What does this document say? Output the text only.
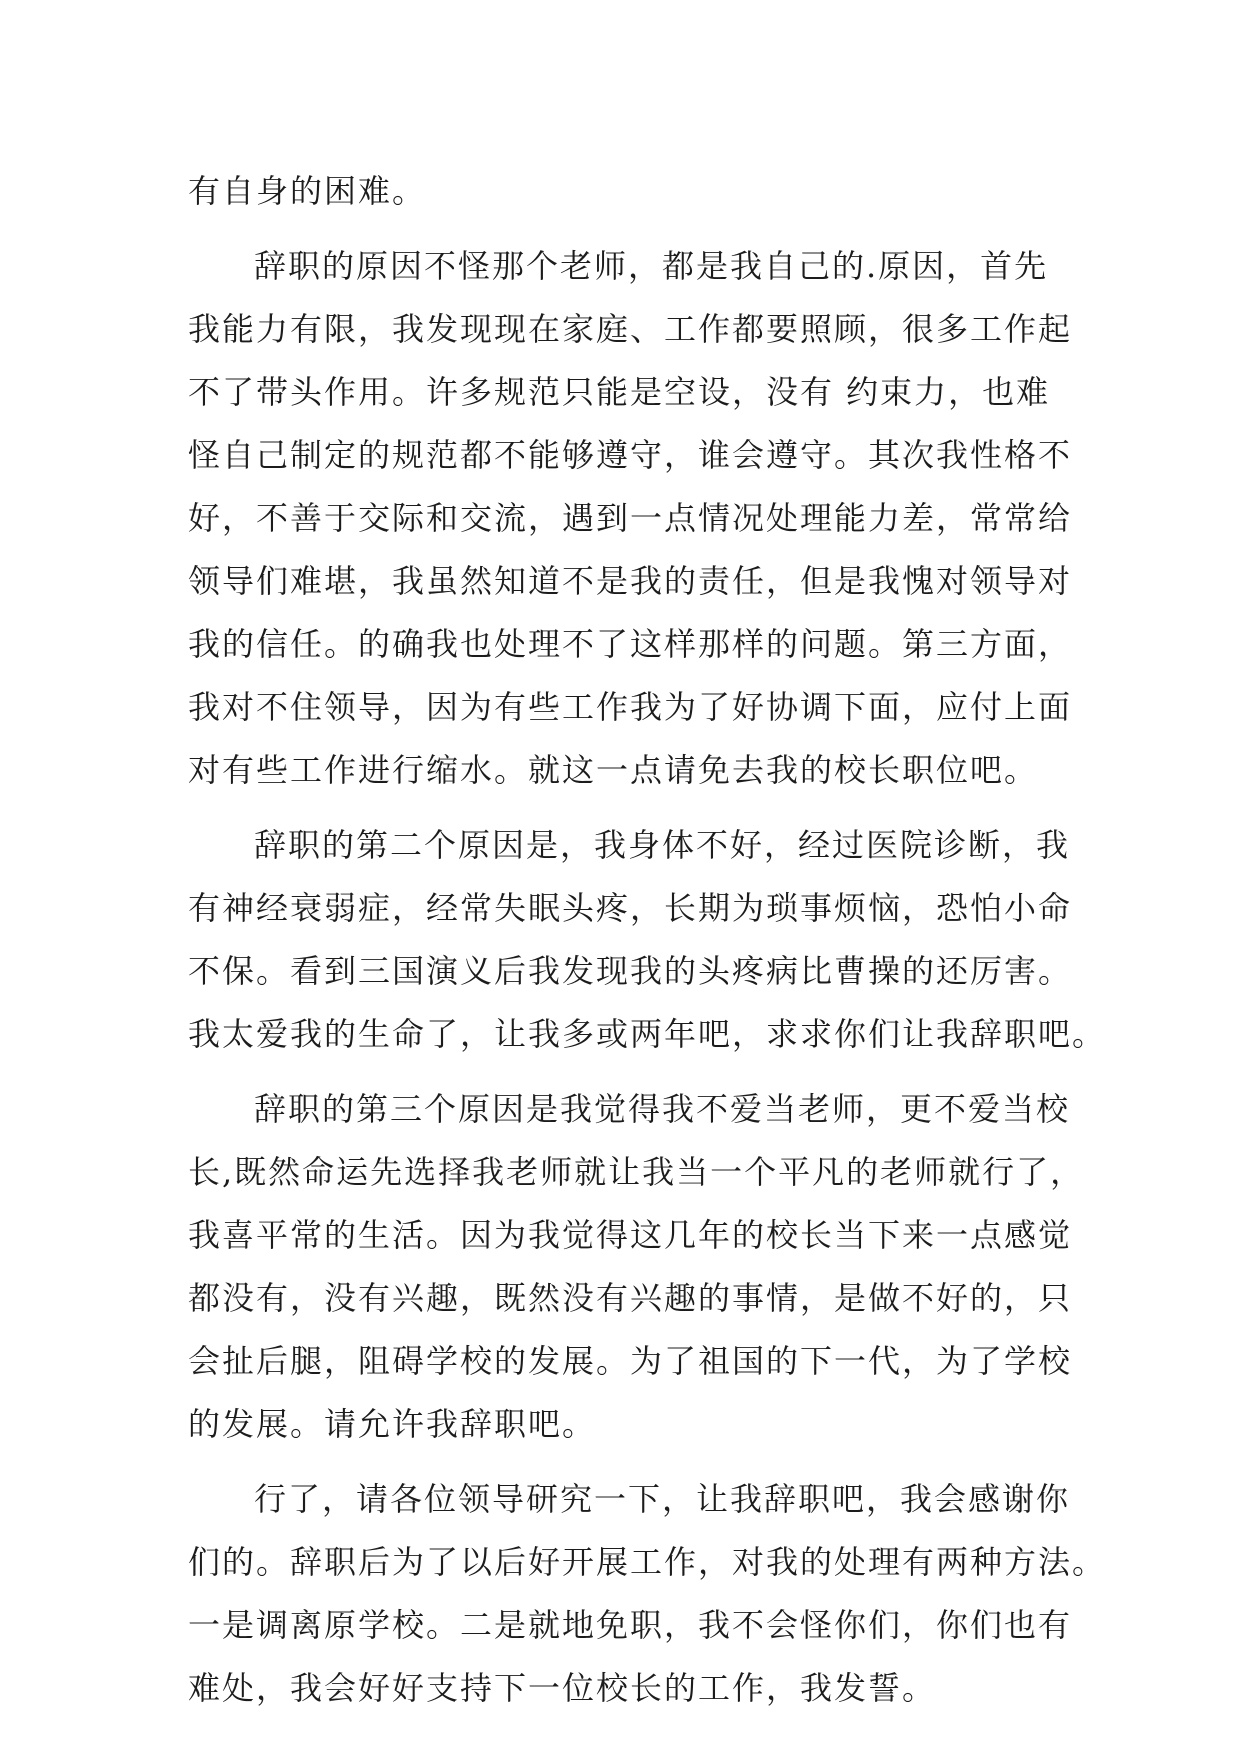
有自身的困难。
辞职的原因不怪那个老师，都是我自己的.原因，首先
我能力有限，我发现现在家庭、工作都要照顾，很多工作起
不了带头作用。许多规范只能是空设，没有 约束力，也难
怪自己制定的规范都不能够遵守，谁会遵守。其次我性格不
好，不善于交际和交流，遇到一点情况处理能力差，常常给
领导们难堪，我虽然知道不是我的责任，但是我愧对领导对
我的信任。的确我也处理不了这样那样的问题。第三方面，
我对不住领导，因为有些工作我为了好协调下面，应付上面
对有些工作进行缩水。就这一点请免去我的校长职位吧。
辞职的第二个原因是，我身体不好，经过医院诊断，我
有神经衰弱症，经常失眠头疼，长期为琐事烦恼，恐怕小命
不保。看到三国演义后我发现我的头疼病比曹操的还厉害。
我太爱我的生命了，让我多或两年吧，求求你们让我辞职吧。
辞职的第三个原因是我觉得我不爱当老师，更不爱当校
长,既然命运先选择我老师就让我当一个平凡的老师就行了，
我喜平常的生活。因为我觉得这几年的校长当下来一点感觉
都没有，没有兴趣，既然没有兴趣的事情，是做不好的，只
会扯后腿，阻碍学校的发展。为了祖国的下一代，为了学校
的发展。请允许我辞职吧。
行了，请各位领导研究一下，让我辞职吧，我会感谢你
们的。辞职后为了以后好开展工作，对我的处理有两种方法。
一是调离原学校。二是就地免职，我不会怪你们，你们也有
难处，我会好好支持下一位校长的工作，我发誓。
